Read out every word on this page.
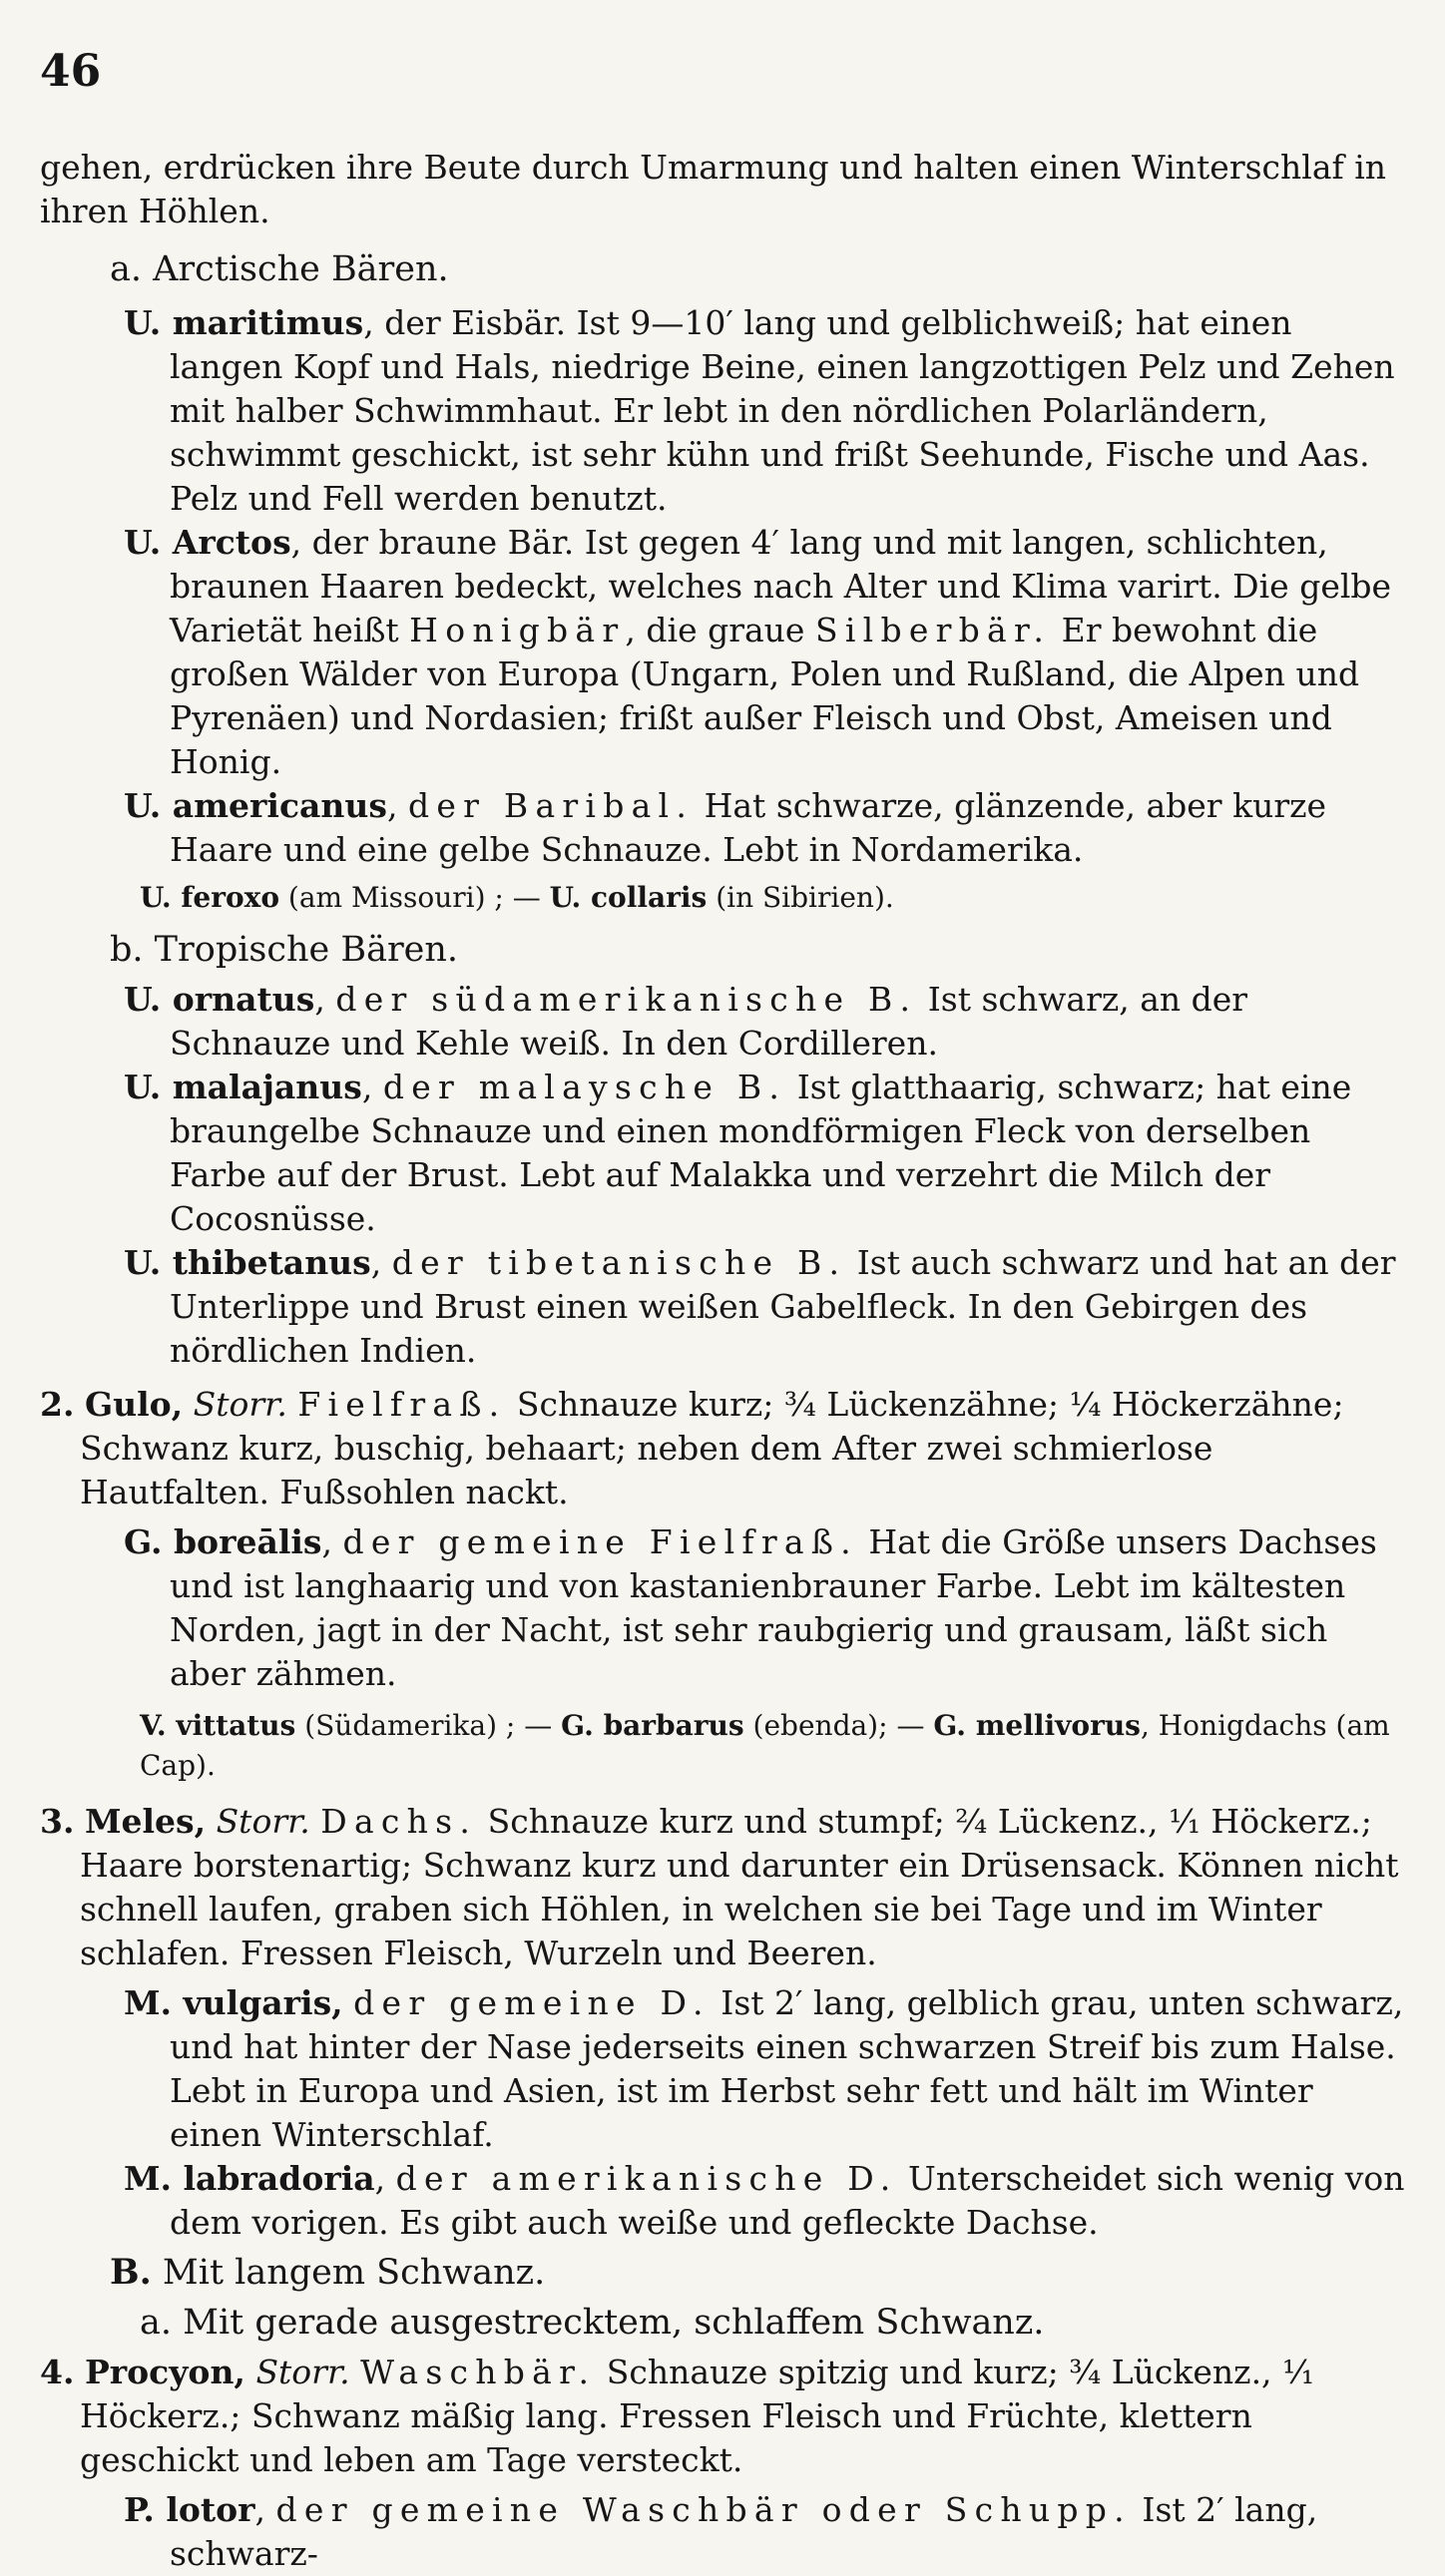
46

gehen, erdrücken ihre Beute durch Umarmung und halten einen Winterschlaf in ihren Höhlen.

a. Arctische Bären.

U. maritimus, der Eisbär. Ist 9—10′ lang und gelblichweiß; hat einen langen Kopf und Hals, niedrige Beine, einen langzottigen Pelz und Zehen mit halber Schwimmhaut. Er lebt in den nördlichen Polarländern, schwimmt geschickt, ist sehr kühn und frißt Seehunde, Fische und Aas. Pelz und Fell werden benutzt.
U. Arctos, der braune Bär. Ist gegen 4′ lang und mit langen, schlichten, braunen Haaren bedeckt, welches nach Alter und Klima varirt. Die gelbe Varietät heißt Honigbär, die graue Silberbär. Er bewohnt die großen Wälder von Europa (Ungarn, Polen und Rußland, die Alpen und Pyrenäen) und Nordasien; frißt außer Fleisch und Obst, Ameisen und Honig.
U. americanus, der Baribal. Hat schwarze, glänzende, aber kurze Haare und eine gelbe Schnauze. Lebt in Nordamerika.

U. feroxo (am Missouri) ; — U. collaris (in Sibirien).

b. Tropische Bären.

U. ornatus, der südamerikanische B. Ist schwarz, an der Schnauze und Kehle weiß. In den Cordilleren.
U. malajanus, der malaysche B. Ist glatthaarig, schwarz; hat eine braungelbe Schnauze und einen mondförmigen Fleck von derselben Farbe auf der Brust. Lebt auf Malakka und verzehrt die Milch der Cocosnüsse.
U. thibetanus, der tibetanische B. Ist auch schwarz und hat an der Unterlippe und Brust einen weißen Gabelfleck. In den Gebirgen des nördlichen Indien.
2. Gulo, Storr. Fielfraß. Schnauze kurz; ¾ Lückenzähne; ¼ Höckerzähne; Schwanz kurz, buschig, behaart; neben dem After zwei schmierlose Hautfalten. Fußsohlen nackt.
G. boreālis, der gemeine Fielfraß. Hat die Größe unsers Dachses und ist langhaarig und von kastanienbrauner Farbe. Lebt im kältesten Norden, jagt in der Nacht, ist sehr raubgierig und grausam, läßt sich aber zähmen.

V. vittatus (Südamerika) ; — G. barbarus (ebenda); — G. mellivorus, Honigdachs (am Cap).

3. Meles, Storr. Dachs. Schnauze kurz und stumpf; ²⁄₄ Lückenz., ¹⁄₁ Höckerz.; Haare borstenartig; Schwanz kurz und darunter ein Drüsensack. Können nicht schnell laufen, graben sich Höhlen, in welchen sie bei Tage und im Winter schlafen. Fressen Fleisch, Wurzeln und Beeren.
M. vulgaris, der gemeine D. Ist 2′ lang, gelblich grau, unten schwarz, und hat hinter der Nase jederseits einen schwarzen Streif bis zum Halse. Lebt in Europa und Asien, ist im Herbst sehr fett und hält im Winter einen Winterschlaf.
M. labradoria, der amerikanische D. Unterscheidet sich wenig von dem vorigen. Es gibt auch weiße und gefleckte Dachse.

B. Mit langem Schwanz.

a. Mit gerade ausgestrecktem, schlaffem Schwanz.

4. Procyon, Storr. Waschbär. Schnauze spitzig und kurz; ¾ Lückenz., ¹⁄₁ Höckerz.; Schwanz mäßig lang. Fressen Fleisch und Früchte, klettern geschickt und leben am Tage versteckt.
P. lotor, der gemeine Waschbär oder Schupp. Ist 2′ lang, schwarz-
